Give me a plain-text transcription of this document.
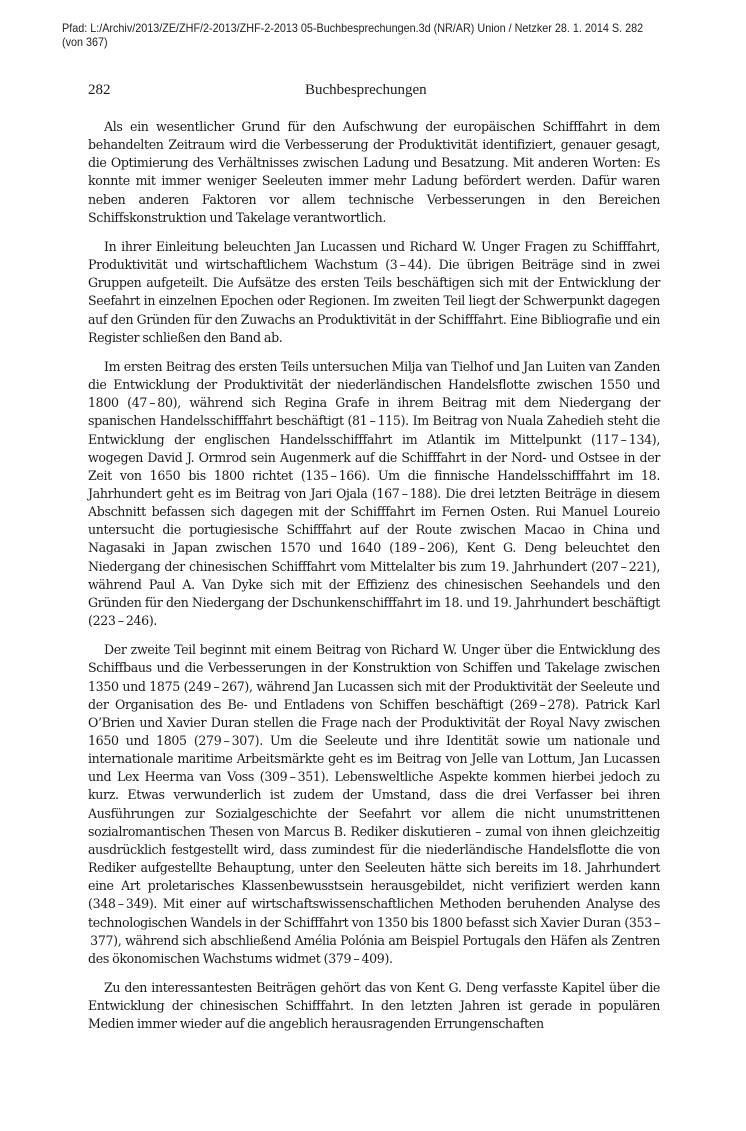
Pfad: L:/Archiv/2013/ZE/ZHF/2-2013/ZHF-2-2013 05-Buchbesprechungen.3d (NR/AR) Union / Netzker 28. 1. 2014 S. 282 (von 367)
282	Buchbesprechungen

Als ein wesentlicher Grund für den Aufschwung der europäischen Schifffahrt in dem behandelten Zeitraum wird die Verbesserung der Produktivität identifiziert, genauer gesagt, die Optimierung des Verhältnisses zwischen Ladung und Besatzung. Mit anderen Worten: Es konnte mit immer weniger Seeleuten immer mehr Ladung befördert werden. Dafür waren neben anderen Faktoren vor allem technische Verbesserungen in den Bereichen Schiffskonstruktion und Takelage verantwortlich.

In ihrer Einleitung beleuchten Jan Lucassen und Richard W. Unger Fragen zu Schifffahrt, Produktivität und wirtschaftlichem Wachstum (3 – 44). Die übrigen Beiträge sind in zwei Gruppen aufgeteilt. Die Aufsätze des ersten Teils beschäftigen sich mit der Entwicklung der Seefahrt in einzelnen Epochen oder Regionen. Im zweiten Teil liegt der Schwerpunkt dagegen auf den Gründen für den Zuwachs an Produktivität in der Schifffahrt. Eine Bibliografie und ein Register schließen den Band ab.

Im ersten Beitrag des ersten Teils untersuchen Milja van Tielhof und Jan Luiten van Zanden die Entwicklung der Produktivität der niederländischen Handelsflotte zwischen 1550 und 1800 (47 – 80), während sich Regina Grafe in ihrem Beitrag mit dem Niedergang der spanischen Handelsschifffahrt beschäftigt (81 – 115). Im Beitrag von Nuala Zahedieh steht die Entwicklung der englischen Handelsschifffahrt im Atlantik im Mittelpunkt (117 – 134), wogegen David J. Ormrod sein Augenmerk auf die Schifffahrt in der Nord- und Ostsee in der Zeit von 1650 bis 1800 richtet (135 – 166). Um die finnische Handelsschifffahrt im 18. Jahrhundert geht es im Beitrag von Jari Ojala (167 – 188). Die drei letzten Beiträge in diesem Abschnitt befassen sich dagegen mit der Schifffahrt im Fernen Osten. Rui Manuel Loureio untersucht die portugiesische Schifffahrt auf der Route zwischen Macao in China und Nagasaki in Japan zwischen 1570 und 1640 (189 – 206), Kent G. Deng beleuchtet den Niedergang der chinesischen Schifffahrt vom Mittelalter bis zum 19. Jahrhundert (207 – 221), während Paul A. Van Dyke sich mit der Effizienz des chinesischen Seehandels und den Gründen für den Niedergang der Dschunkenschifffahrt im 18. und 19. Jahrhundert beschäftigt (223 – 246).

Der zweite Teil beginnt mit einem Beitrag von Richard W. Unger über die Entwicklung des Schiffbaus und die Verbesserungen in der Konstruktion von Schiffen und Takelage zwischen 1350 und 1875 (249 – 267), während Jan Lucassen sich mit der Produktivität der Seeleute und der Organisation des Be- und Entladens von Schiffen beschäftigt (269 – 278). Patrick Karl O’Brien und Xavier Duran stellen die Frage nach der Produktivität der Royal Navy zwischen 1650 und 1805 (279 – 307). Um die Seeleute und ihre Identität sowie um nationale und internationale maritime Arbeitsmärkte geht es im Beitrag von Jelle van Lottum, Jan Lucassen und Lex Heerma van Voss (309 – 351). Lebensweltliche Aspekte kommen hierbei jedoch zu kurz. Etwas verwunderlich ist zudem der Umstand, dass die drei Verfasser bei ihren Ausführungen zur Sozialgeschichte der Seefahrt vor allem die nicht unumstrittenen sozialromantischen Thesen von Marcus B. Rediker diskutieren – zumal von ihnen gleichzeitig ausdrücklich festgestellt wird, dass zumindest für die niederländische Handelsflotte die von Rediker aufgestellte Behauptung, unter den Seeleuten hätte sich bereits im 18. Jahrhundert eine Art proletarisches Klassenbewusstsein herausgebildet, nicht verifiziert werden kann (348 – 349). Mit einer auf wirtschaftswissenschaftlichen Methoden beruhenden Analyse des technologischen Wandels in der Schifffahrt von 1350 bis 1800 befasst sich Xavier Duran (353 – 377), während sich abschließend Amélia Polónia am Beispiel Portugals den Häfen als Zentren des ökonomischen Wachstums widmet (379 – 409).

Zu den interessantesten Beiträgen gehört das von Kent G. Deng verfasste Kapitel über die Entwicklung der chinesischen Schifffahrt. In den letzten Jahren ist gerade in populären Medien immer wieder auf die angeblich herausragenden Errungenschaften
